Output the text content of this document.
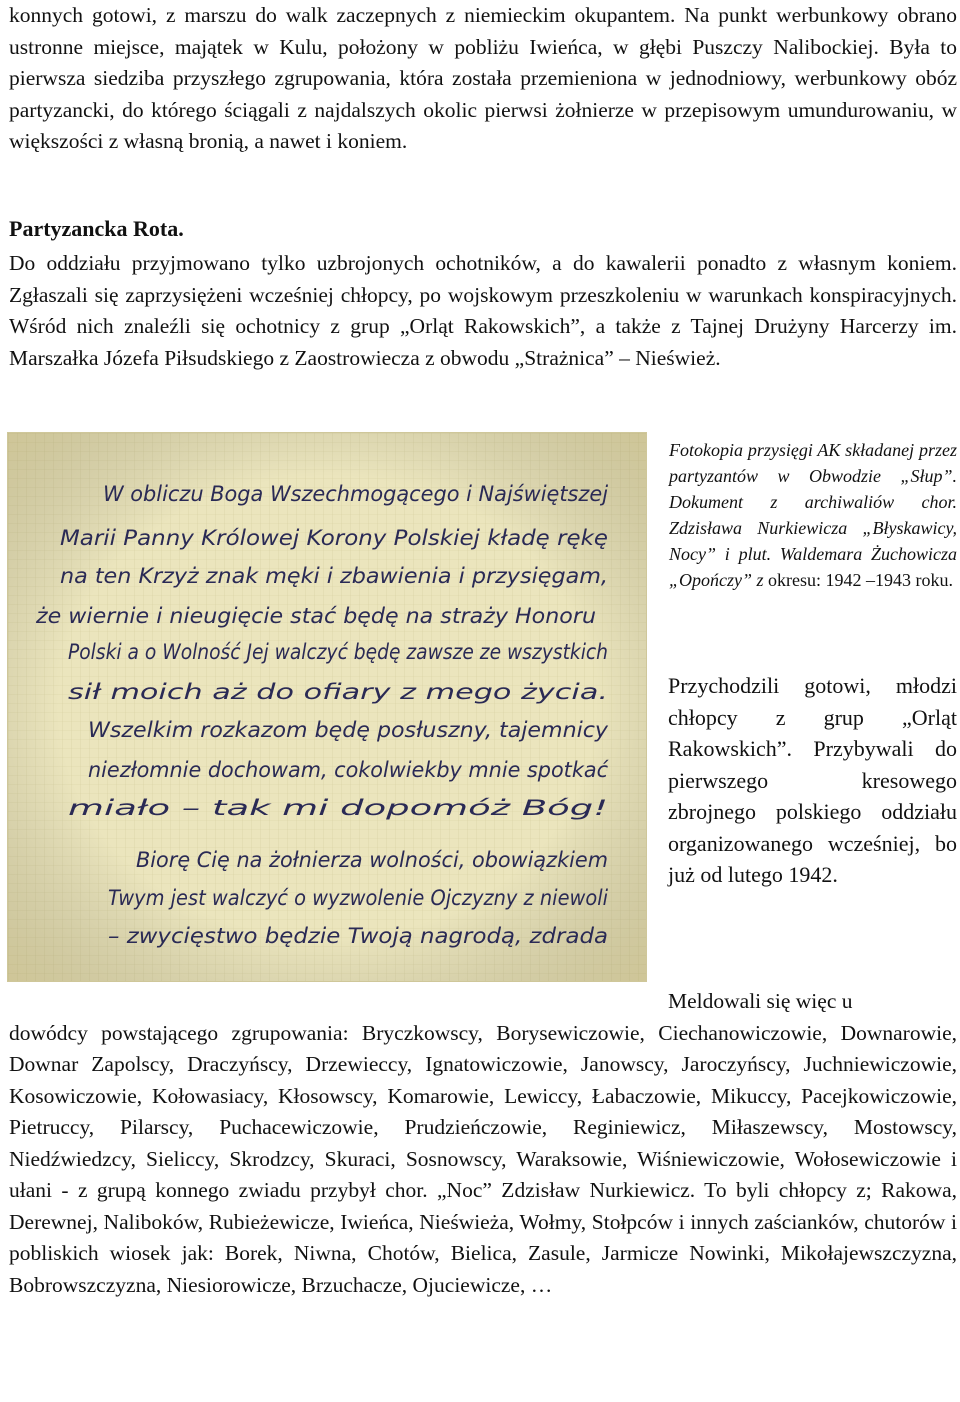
konnych gotowi, z marszu do walk zaczepnych z niemieckim okupantem. Na punkt werbunkowy obrano ustronne miejsce, majątek w Kulu, położony w pobliżu Iwieńca, w głębi Puszczy Nalibockiej. Była to pierwsza siedziba przyszłego zgrupowania, która została przemieniona w jednodniowy, werbunkowy obóz partyzancki, do którego ściągali z najdalszych okolic pierwsi żołnierze w przepisowym umundurowaniu, w większości z własną bronią, a nawet i koniem.

Partyzancka Rota.

Do oddziału przyjmowano tylko uzbrojonych ochotników, a do kawalerii ponadto z własnym koniem. Zgłaszali się zaprzysiężeni wcześniej chłopcy, po wojskowym przeszkoleniu w warunkach konspiracyjnych. Wśród nich znaleźli się ochotnicy z grup „Orląt Rakowskich”, a także z Tajnej Drużyny Harcerzy im. Marszałka Józefa Piłsudskiego z Zaostrowiecza z obwodu „Strażnica” – Nieśwież.

W obliczu Boga Wszechmogącego i Najświętszej
Marii Panny Królowej Korony Polskiej kładę rękę
na ten Krzyż znak męki i zbawienia i przysięgam,
że wiernie i nieugięcie stać będę na straży Honoru
Polski a o Wolność Jej walczyć będę zawsze ze wszystkich
sił moich aż do ofiary z mego życia.
Wszelkim rozkazom będę posłuszny, tajemnicy
niezłomnie dochowam, cokolwiekby mnie spotkać
miało – tak mi dopomóż Bóg!
Biorę Cię na żołnierza wolności, obowiązkiem
Twym jest walczyć o wyzwolenie Ojczyzny z niewoli
– zwycięstwo będzie Twoją nagrodą, zdrada

Fotokopia przysięgi AK składanej przez partyzantów w Obwodzie „Słup”. Dokument z archiwaliów chor. Zdzisława Nurkiewicza „Błyskawicy, Nocy” i plut. Waldemara Żuchowicza „Opończy” z okresu: 1942 –1943 roku.

Przychodzili gotowi, młodzi chłopcy z grup „Orląt Rakowskich”. Przybywali do pierwszego kresowego zbrojnego polskiego oddziału organizowanego wcześniej, bo już od lutego 1942.

Meldowali się więc u
dowódcy powstającego zgrupowania: Bryczkowscy, Borysewiczowie, Ciechanowiczowie, Downarowie, Downar Zapolscy, Draczyńscy, Drzewieccy, Ignatowiczowie, Janowscy, Jaroczyńscy, Juchniewiczowie, Kosowiczowie, Kołowasiacy, Kłosowscy, Komarowie, Lewiccy, Łabaczowie, Mikuccy, Pacejkowiczowie, Pietruccy, Pilarscy, Puchacewiczowie, Prudzieńczowie, Reginiewicz, Miłaszewscy, Mostowscy, Niedźwiedzcy, Sieliccy, Skrodzcy, Skuraci, Sosnowscy, Waraksowie, Wiśniewiczowie, Wołosewiczowie i ułani - z grupą konnego zwiadu przybył chor. „Noc” Zdzisław Nurkiewicz. To byli chłopcy z; Rakowa, Derewnej, Naliboków, Rubieżewicze, Iwieńca, Nieświeża, Wołmy, Stołpców i innych zaścianków, chutorów i pobliskich wiosek jak: Borek, Niwna, Chotów, Bielica, Zasule, Jarmicze Nowinki, Mikołajewszczyzna, Bobrowszczyzna, Niesiorowicze, Brzuchacze, Ojuciewicze, …
